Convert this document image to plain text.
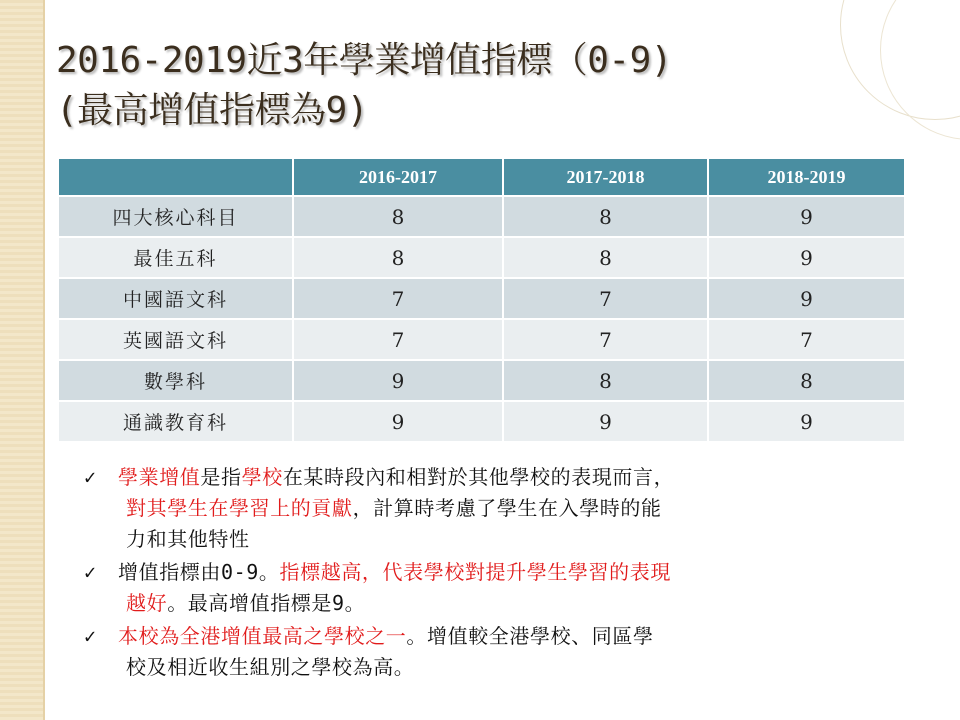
2016-2019近3年學業增值指標（0-9)
(最高增值指標為9)
	2016-2017	2017-2018	2018-2019
四大核心科目	8	8	9
最佳五科	8	8	9
中國語文科	7	7	9
英國語文科	7	7	7
數學科	9	8	8
通識教育科	9	9	9
✓ 學業增值是指學校在某時段內和相對於其他學校的表現而言，
對其學生在學習上的貢獻，計算時考慮了學生在入學時的能
力和其他特性
✓ 增值指標由0-9。指標越高，代表學校對提升學生學習的表現
越好。最高增值指標是9。
✓ 本校為全港增值最高之學校之一。增值較全港學校、同區學
校及相近收生組別之學校為高。
